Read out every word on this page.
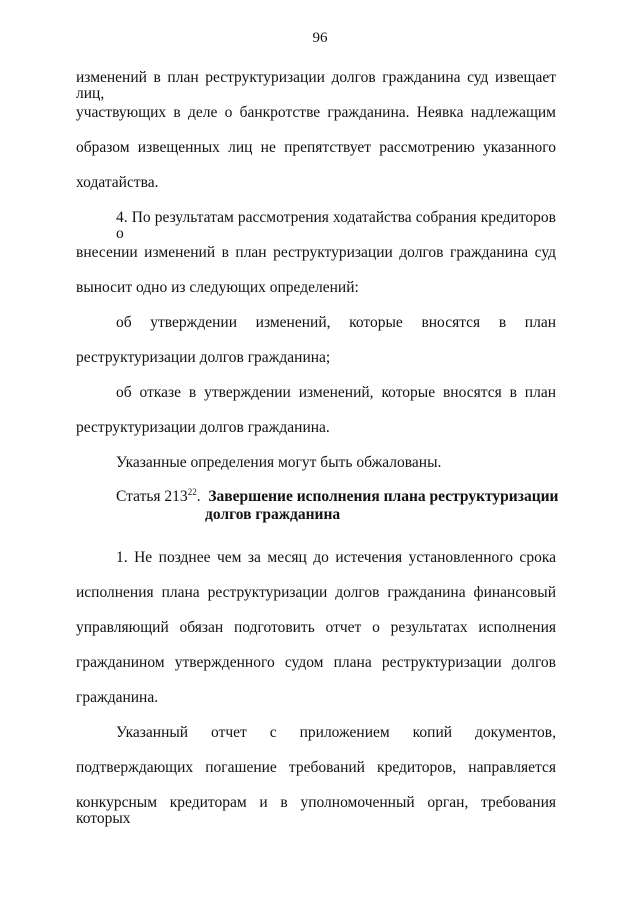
96
изменений в план реструктуризации долгов гражданина суд извещает лиц,
участвующих в деле о банкротстве гражданина. Неявка надлежащим
образом извещенных лиц не препятствует рассмотрению указанного
ходатайства.
4. По результатам рассмотрения ходатайства собрания кредиторов о
внесении изменений в план реструктуризации долгов гражданина суд
выносит одно из следующих определений:
об утверждении изменений, которые вносятся в план
реструктуризации долгов гражданина;
об отказе в утверждении изменений, которые вносятся в план
реструктуризации долгов гражданина.
Указанные определения могут быть обжалованы.
Статья $213^{22}$. Завершение исполнения плана реструктуризации
долгов гражданина
1. Не позднее чем за месяц до истечения установленного срока
исполнения плана реструктуризации долгов гражданина финансовый
управляющий обязан подготовить отчет о результатах исполнения
гражданином утвержденного судом плана реструктуризации долгов
гражданина.
Указанный отчет с приложением копий документов,
подтверждающих погашение требований кредиторов, направляется
конкурсным кредиторам и в уполномоченный орган, требования которых
